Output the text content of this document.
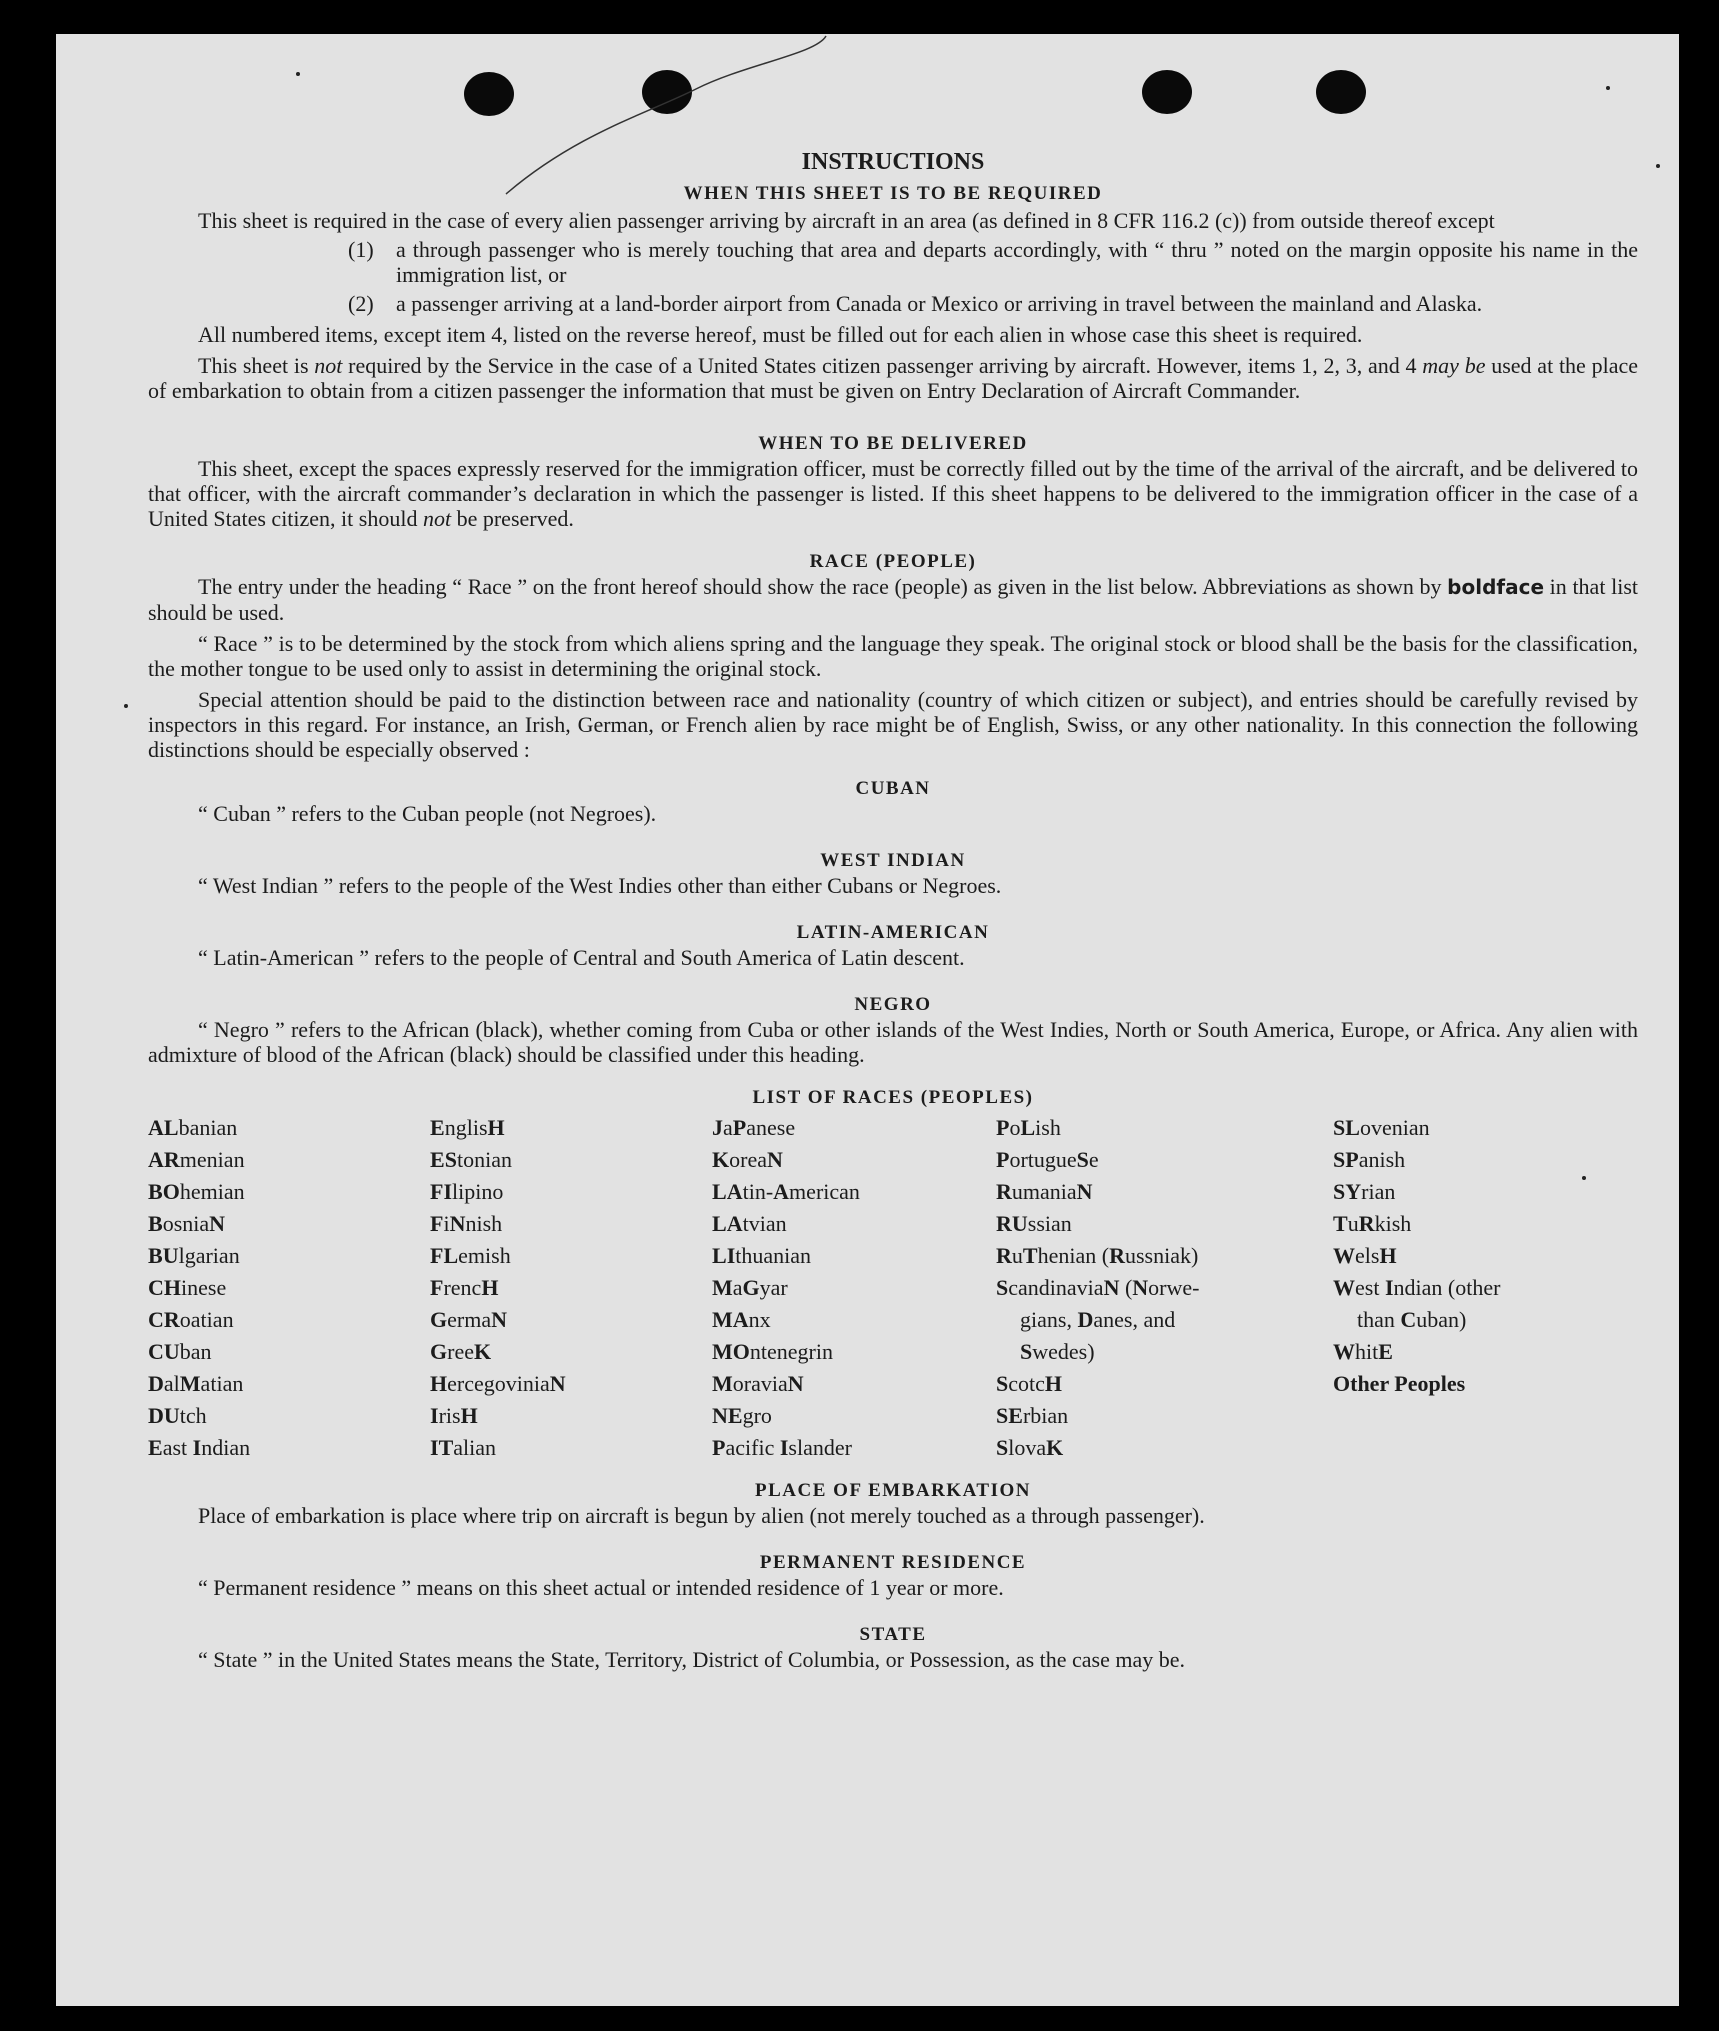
INSTRUCTIONS
WHEN THIS SHEET IS TO BE REQUIRED

This sheet is required in the case of every alien passenger arriving by aircraft in an area (as defined in 8 CFR 116.2 (c)) from outside thereof except

(1)	a through passenger who is merely touching that area and departs accordingly, with “ thru ” noted on the margin opposite his name in the immigration list, or
(2)	a passenger arriving at a land-border airport from Canada or Mexico or arriving in travel between the mainland and Alaska.

All numbered items, except item 4, listed on the reverse hereof, must be filled out for each alien in whose case this sheet is required.

This sheet is not required by the Service in the case of a United States citizen passenger arriving by aircraft. However, items 1, 2, 3, and 4 may be used at the place of embarkation to obtain from a citizen passenger the information that must be given on Entry Declaration of Aircraft Commander.

WHEN TO BE DELIVERED

This sheet, except the spaces expressly reserved for the immigration officer, must be correctly filled out by the time of the arrival of the aircraft, and be delivered to that officer, with the aircraft commander’s declaration in which the passenger is listed. If this sheet happens to be delivered to the immigration officer in the case of a United States citizen, it should not be preserved.

RACE (PEOPLE)

The entry under the heading “ Race ” on the front hereof should show the race (people) as given in the list below. Abbreviations as shown by boldface in that list should be used.

“ Race ” is to be determined by the stock from which aliens spring and the language they speak. The original stock or blood shall be the basis for the classification, the mother tongue to be used only to assist in determining the original stock.

Special attention should be paid to the distinction between race and nationality (country of which citizen or subject), and entries should be carefully revised by inspectors in this regard. For instance, an Irish, German, or French alien by race might be of English, Swiss, or any other nationality. In this connection the following distinctions should be especially observed :

CUBAN

“ Cuban ” refers to the Cuban people (not Negroes).

WEST INDIAN

“ West Indian ” refers to the people of the West Indies other than either Cubans or Negroes.

LATIN-AMERICAN

“ Latin-American ” refers to the people of Central and South America of Latin descent.

NEGRO

“ Negro ” refers to the African (black), whether coming from Cuba or other islands of the West Indies, North or South America, Europe, or Africa. Any alien with admixture of blood of the African (black) should be classified under this heading.

LIST OF RACES (PEOPLES)
ALbanian
ARmenian
BOhemian
BosniaN
BUlgarian
CHinese
CRoatian
CUban
DalMatian
DUtch
East Indian
EnglisH
EStonian
FIlipino
FiNnish
FLemish
FrencH
GermaN
GreeK
HercegoviniaN
IrisH
ITalian
JaPanese
KoreaN
LAtin-American
LAtvian
LIthuanian
MaGyar
MAnx
MOntenegrin
MoraviaN
NEgro
Pacific Islander
PoLish
PortugueSe
RumaniaN
RUssian
RuThenian (Russniak)
ScandinaviaN (Norwe-
gians, Danes, and
Swedes)
ScotcH
SErbian
SlovaK
SLovenian
SPanish
SYrian
TuRkish
WelsH
West Indian (other
than Cuban)
WhitE
Other Peoples
PLACE OF EMBARKATION

Place of embarkation is place where trip on aircraft is begun by alien (not merely touched as a through passenger).

PERMANENT RESIDENCE

“ Permanent residence ” means on this sheet actual or intended residence of 1 year or more.

STATE

“ State ” in the United States means the State, Territory, District of Columbia, or Possession, as the case may be.
